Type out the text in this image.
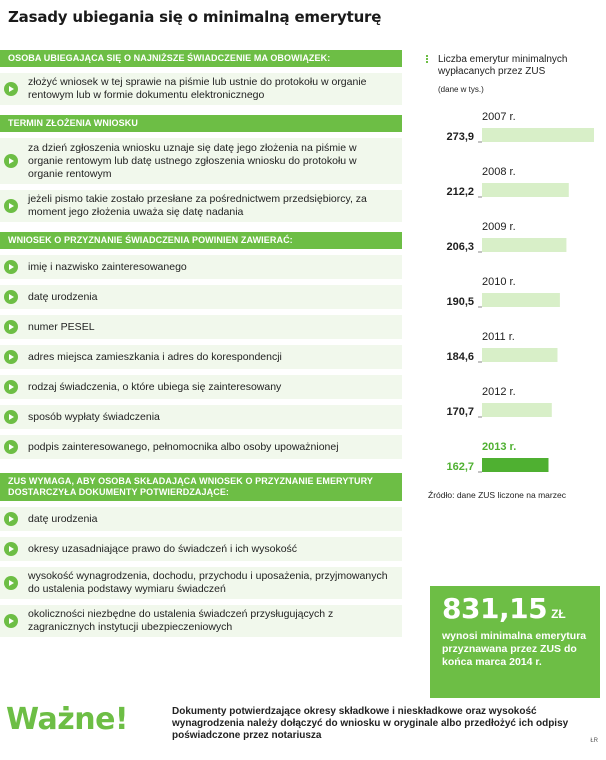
Zasady ubiegania się o minimalną emeryturę
OSOBA UBIEGAJĄCA SIĘ O NAJNIŻSZE ŚWIADCZENIE MA OBOWIĄZEK:
złożyć wniosek w tej sprawie na piśmie lub ustnie do protokołu w organie rentowym lub w formie dokumentu elektronicznego
TERMIN ZŁOŻENIA WNIOSKU
za dzień zgłoszenia wniosku uznaje się datę jego złożenia na piśmie w organie rentowym lub datę ustnego zgłoszenia wniosku do protokołu w organie rentowym
jeżeli pismo takie zostało przesłane za pośrednictwem przedsiębiorcy, za moment jego złożenia uważa się datę nadania
WNIOSEK O PRZYZNANIE ŚWIADCZENIA POWINIEN ZAWIERAĆ:
imię i nazwisko zainteresowanego
datę urodzenia
numer PESEL
adres miejsca zamieszkania i adres do korespondencji
rodzaj świadczenia, o które ubiega się zainteresowany
sposób wypłaty świadczenia
podpis zainteresowanego, pełnomocnika albo osoby upoważnionej
ZUS WYMAGA, ABY OSOBA SKŁADAJĄCA WNIOSEK O PRZYZNANIE EMERYTURY DOSTARCZYŁA DOKUMENTY POTWIERDZAJĄCE:
datę urodzenia
okresy uzasadniające prawo do świadczeń i ich wysokość
wysokość wynagrodzenia, dochodu, przychodu i uposażenia, przyjmowanych do ustalenia podstawy wymiaru świadczeń
okoliczności niezbędne do ustalenia świadczeń przysługujących z zagranicznych instytucji ubezpieczeniowych
Liczba emerytur minimalnych wypłacanych przez ZUS
(dane w tys.)
2007 r.
273,9
2008 r.
212,2
2009 r.
206,3
2010 r.
190,5
2011 r.
184,6
2012 r.
170,7
2013 r.
162,7
Źródło: dane ZUS liczone na marzec
831,15 ZŁ
wynosi minimalna emerytura przyznawana przez ZUS do końca marca 2014 r.
Ważne!	Dokumenty potwierdzające okresy składkowe i nieskładkowe oraz wysokość wynagrodzenia należy dołączyć do wniosku w oryginale albo przedłożyć ich odpisy poświadczone przez notariusza	ŁR
